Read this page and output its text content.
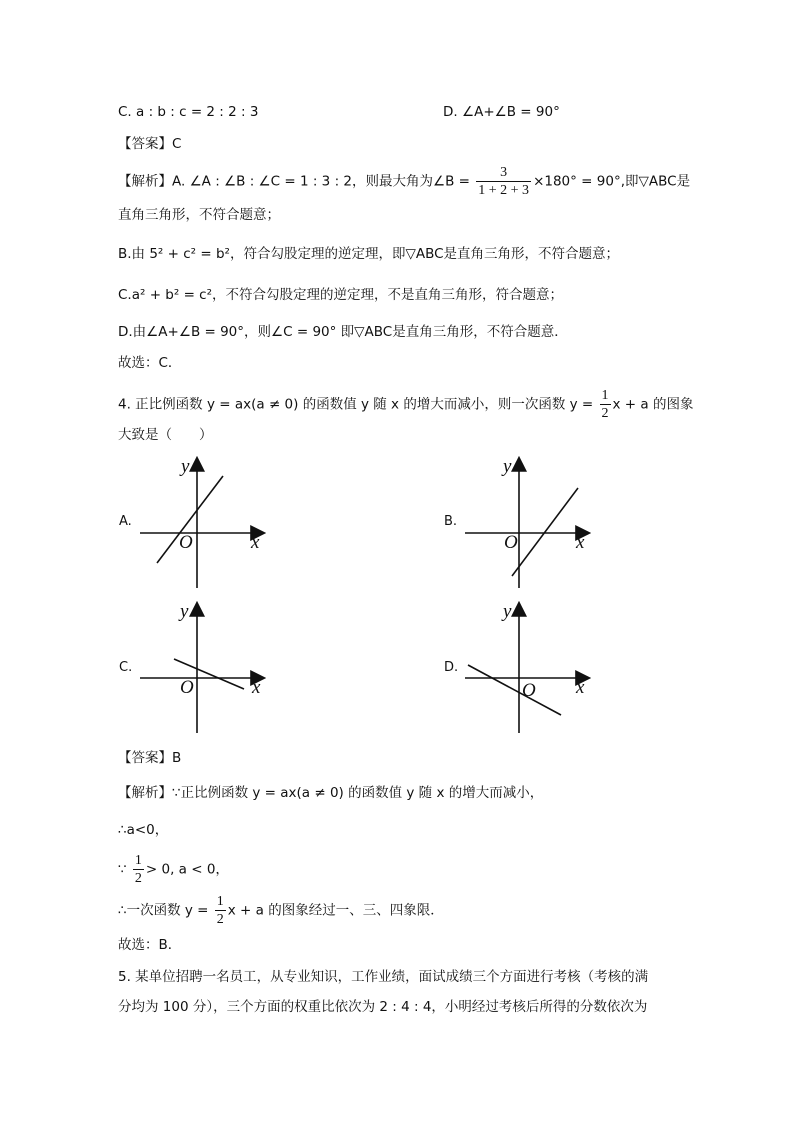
C. a : b : c = 2 : 2 : 3	D. ∠A+∠B = 90°
【答案】C
【解析】A. ∠A : ∠B : ∠C = 1 : 3 : 2，则最大角为∠B = $\frac{3}{1 + 2 + 3} \times 180^\circ = 90^\circ$,即▽ABC是
直角三角形，不符合题意；
B.由 5² + c² = b²，符合勾股定理的逆定理，即▽ABC是直角三角形，不符合题意；
C.a² + b² = c²，不符合勾股定理的逆定理，不是直角三角形，符合题意；
D.由∠A+∠B = 90°，则∠C = 90° 即▽ABC是直角三角形，不符合题意．
故选：C．
4. 正比例函数 y = ax(a ≠ 0) 的函数值 y 随 x 的增大而减小，则一次函数 $y = \frac{1}{2}$ x + a 的图象
大致是（　　）
A.	B.
C.	D.
x
y
O	x
y
O
x
y
O	x
y
O
【答案】B
【解析】∵正比例函数 y = ax(a ≠ 0) 的函数值 y 随 x 的增大而减小，
∴a<0，
∵ $\frac{1}{2} > 0$, a < 0，
∴一次函数 $y = \frac{1}{2}$ x + a 的图象经过一、三、四象限．
故选：B．
5. 某单位招聘一名员工，从专业知识，工作业绩，面试成绩三个方面进行考核（考核的满
分均为 100 分），三个方面的权重比依次为 2 : 4 : 4，小明经过考核后所得的分数依次为
